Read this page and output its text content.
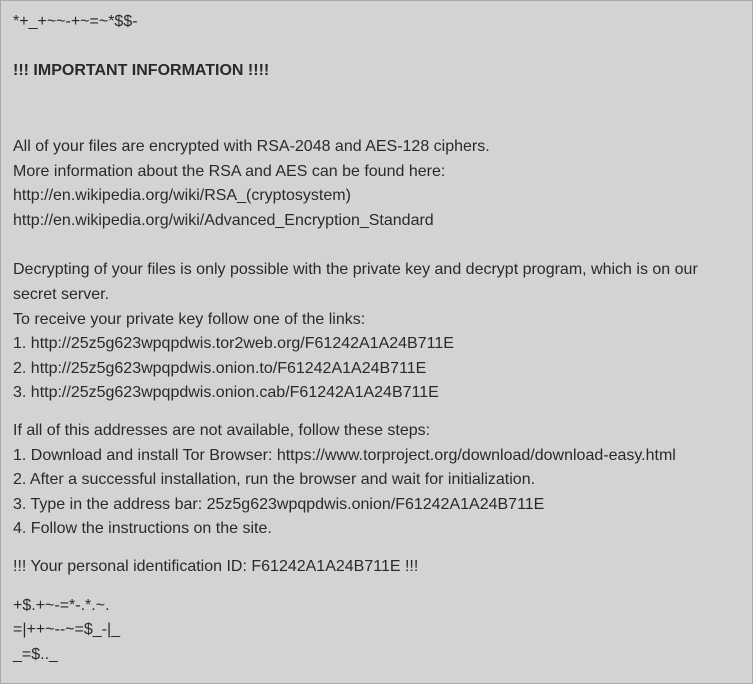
*+_+~~-+~=~*$$-
!!! IMPORTANT INFORMATION !!!!
All of your files are encrypted with RSA-2048 and AES-128 ciphers.
More information about the RSA and AES can be found here:
http://en.wikipedia.org/wiki/RSA_(cryptosystem)
http://en.wikipedia.org/wiki/Advanced_Encryption_Standard
Decrypting of your files is only possible with the private key and decrypt program, which is on our secret server.
To receive your private key follow one of the links:
1. http://25z5g623wpqpdwis.tor2web.org/F61242A1A24B711E
2. http://25z5g623wpqpdwis.onion.to/F61242A1A24B711E
3. http://25z5g623wpqpdwis.onion.cab/F61242A1A24B711E
If all of this addresses are not available, follow these steps:
1. Download and install Tor Browser: https://www.torproject.org/download/download-easy.html
2. After a successful installation, run the browser and wait for initialization.
3. Type in the address bar: 25z5g623wpqpdwis.onion/F61242A1A24B711E
4. Follow the instructions on the site.
!!! Your personal identification ID: F61242A1A24B711E !!!
+$.+~-=*-.*.~.
=|++~--~=$_-|_
_=$.._
